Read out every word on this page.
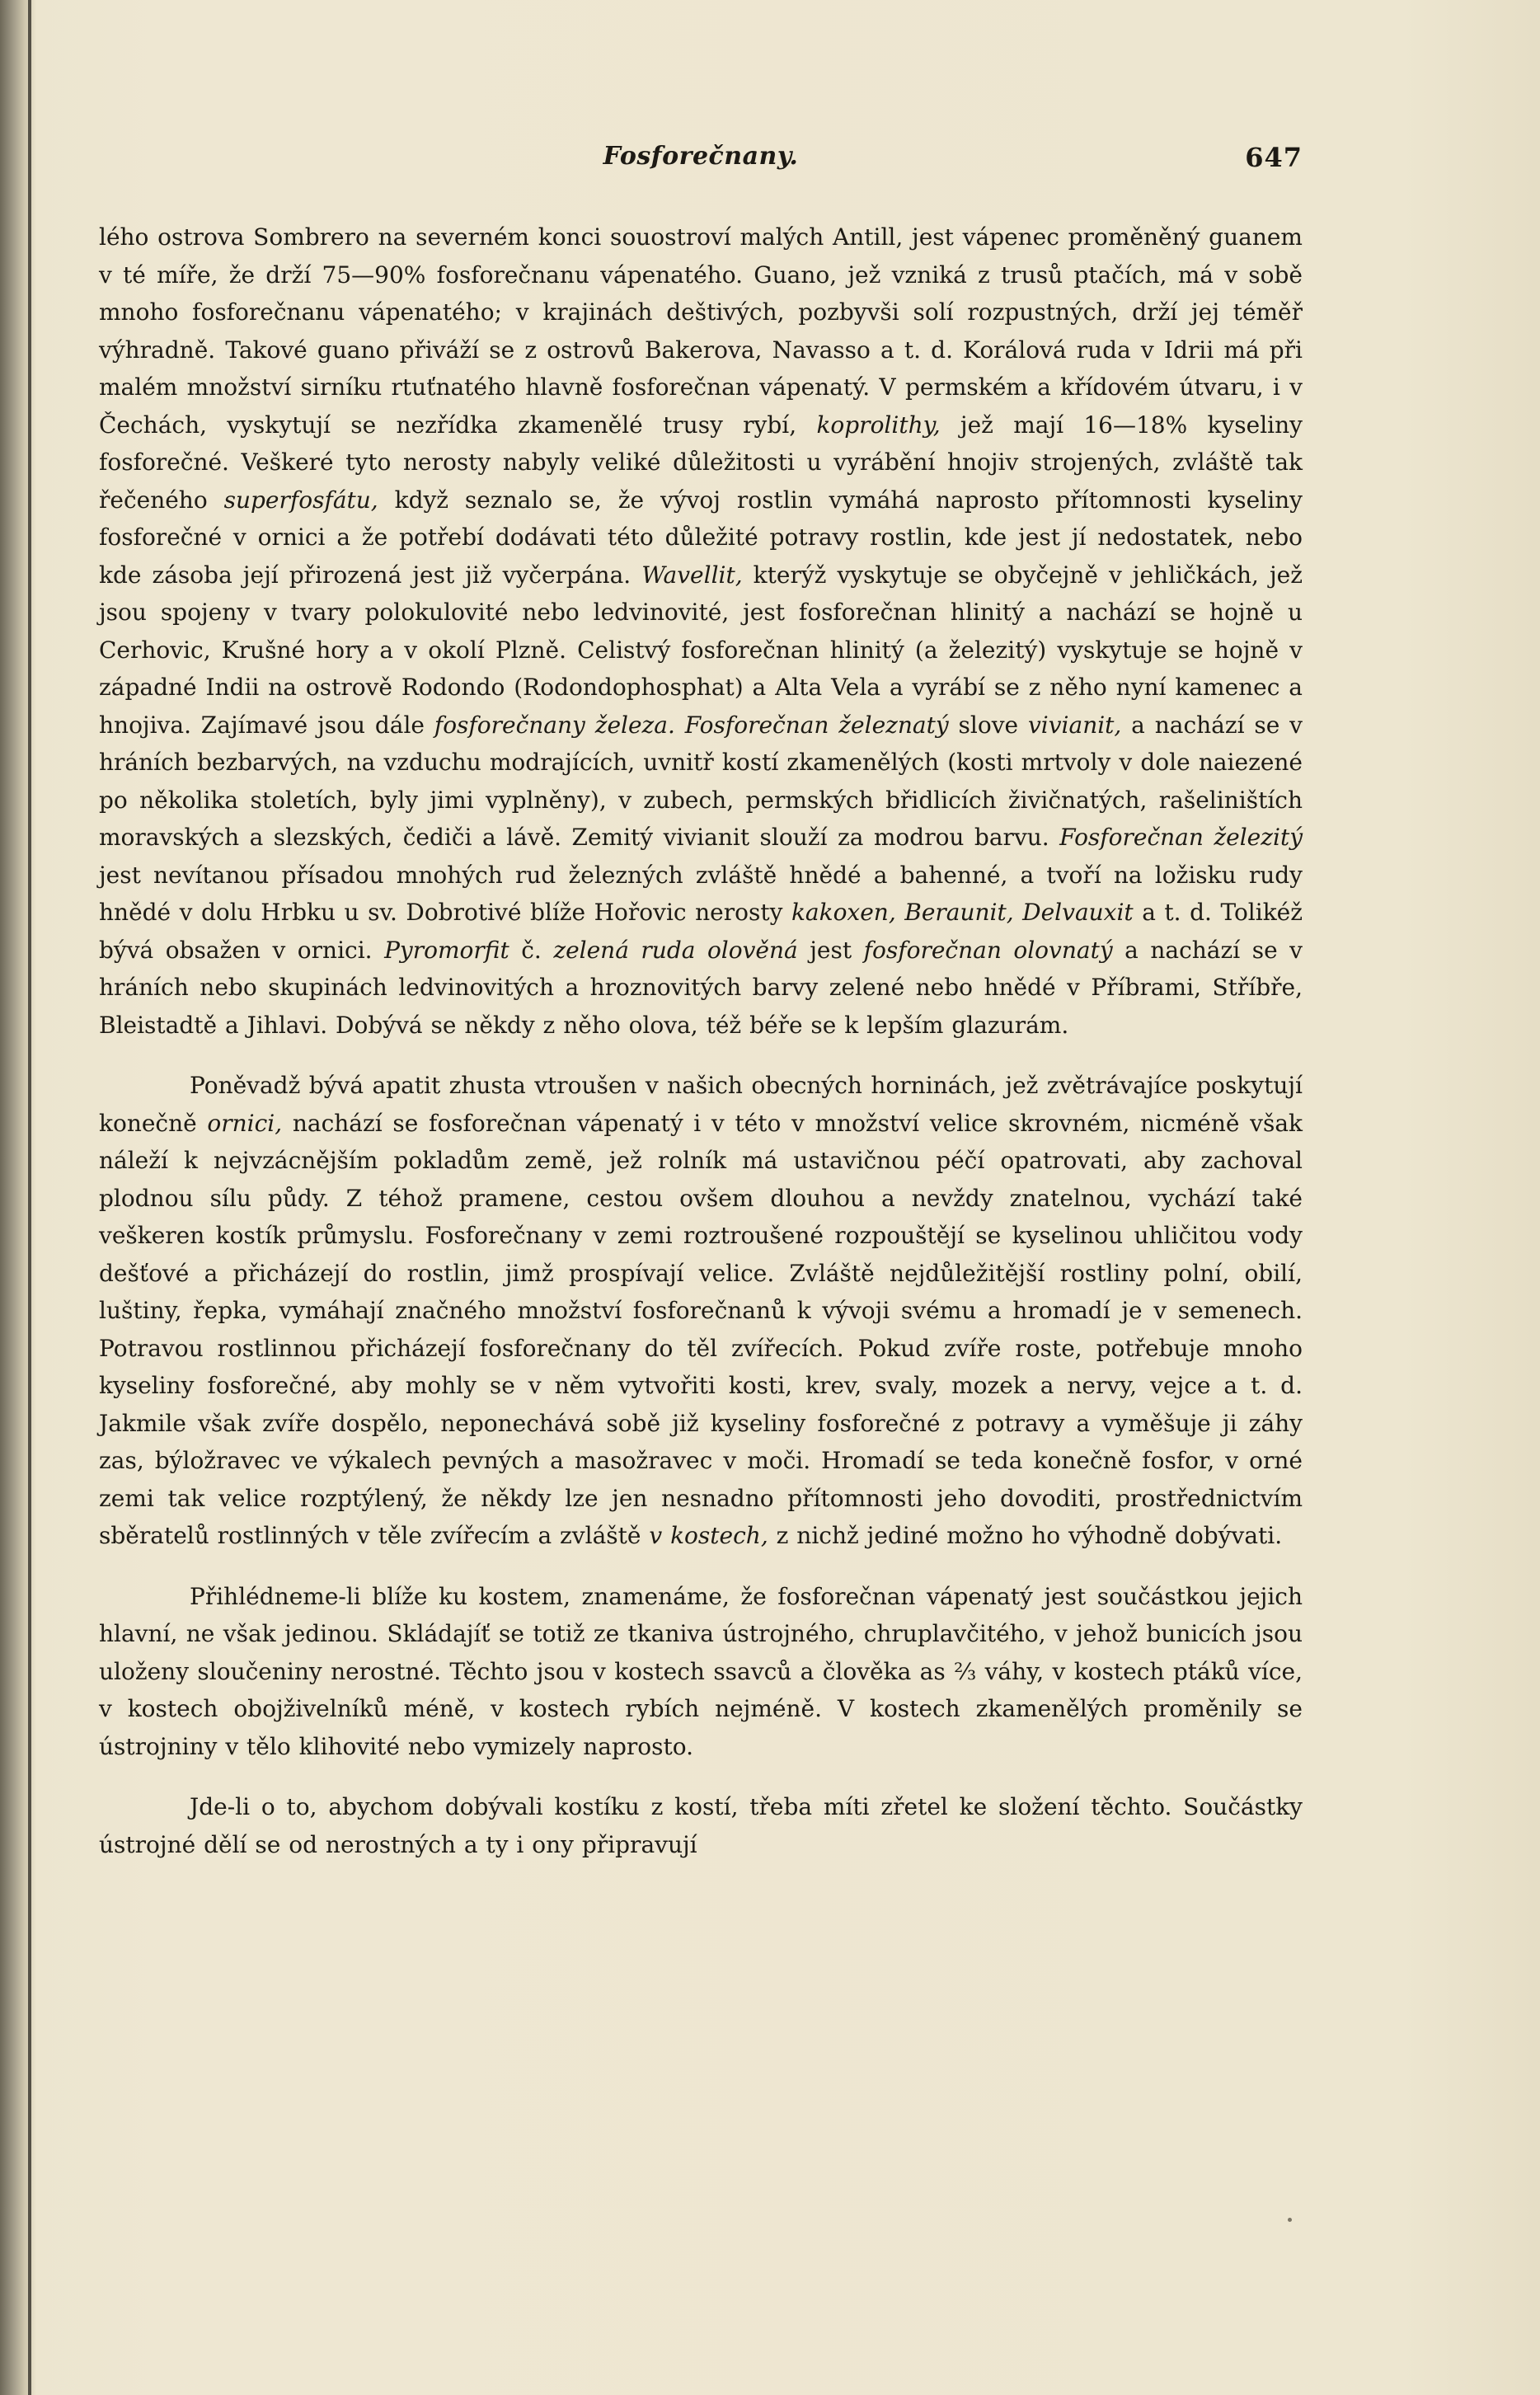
Fosforečnany.	647

lého ostrova Sombrero na severném konci souostroví malých Antill, jest vápenec proměněný guanem v té míře, že drží 75—90% fosforečnanu vápenatého. Guano, jež vzniká z trusů ptačích, má v sobě mnoho fosforečnanu vápenatého; v krajinách deštivých, pozbyvši solí rozpustných, drží jej téměř výhradně. Takové guano přiváží se z ostrovů Bakerova, Navasso a t. d. Korálová ruda v Idrii má při malém množství sirníku rtuťnatého hlavně fosforečnan vápenatý. V permském a křídovém útvaru, i v Čechách, vyskytují se nezřídka zkamenělé trusy rybí, koprolithy, jež mají 16—18% kyseliny fosforečné. Veškeré tyto nerosty nabyly veliké důležitosti u vyrábění hnojiv strojených, zvláště tak řečeného superfosfátu, když seznalo se, že vývoj rostlin vymáhá naprosto přítomnosti kyseliny fosforečné v ornici a že potřebí dodávati této důležité potravy rostlin, kde jest jí nedostatek, nebo kde zásoba její přirozená jest již vyčerpána. Wavellit, kterýž vyskytuje se obyčejně v jehličkách, jež jsou spojeny v tvary polokulovité nebo ledvinovité, jest fosforečnan hlinitý a nachází se hojně u Cerhovic, Krušné hory a v okolí Plzně. Celistvý fosforečnan hlinitý (a železitý) vyskytuje se hojně v západné Indii na ostrově Rodondo (Rodondophosphat) a Alta Vela a vyrábí se z něho nyní kamenec a hnojiva. Zajímavé jsou dále fosforečnany železa. Fosforečnan železnatý slove vivianit, a nachází se v hráních bezbarvých, na vzduchu modrajících, uvnitř kostí zkamenělých (kosti mrtvoly v dole naiezené po několika stoletích, byly jimi vyplněny), v zubech, permských břidlicích živičnatých, rašeliništích moravských a slezských, čediči a lávě. Zemitý vivianit slouží za modrou barvu. Fosforečnan železitý jest nevítanou přísadou mnohých rud železných zvláště hnědé a bahenné, a tvoří na ložisku rudy hnědé v dolu Hrbku u sv. Dobrotivé blíže Hořovic nerosty kakoxen, Beraunit, Delvauxit a t. d. Tolikéž bývá obsažen v ornici. Pyromorfit č. zelená ruda olověná jest fosforečnan olovnatý a nachází se v hráních nebo skupinách ledvinovitých a hroznovitých barvy zelené nebo hnědé v Příbrami, Stříbře, Bleistadtě a Jihlavi. Dobývá se někdy z něho olova, též béře se k lepším glazurám.

Poněvadž bývá apatit zhusta vtroušen v našich obecných horninách, jež zvětrávajíce poskytují konečně ornici, nachází se fosforečnan vápenatý i v této v množství velice skrovném, nicméně však náleží k nejvzácnějším pokladům země, jež rolník má ustavičnou péčí opatrovati, aby zachoval plodnou sílu půdy. Z téhož pramene, cestou ovšem dlouhou a nevždy znatelnou, vychází také veškeren kostík průmyslu. Fosforečnany v zemi roztroušené rozpouštějí se kyselinou uhličitou vody dešťové a přicházejí do rostlin, jimž prospívají velice. Zvláště nejdůležitější rostliny polní, obilí, luštiny, řepka, vymáhají značného množství fosforečnanů k vývoji svému a hromadí je v semenech. Potravou rostlinnou přicházejí fosforečnany do těl zvířecích. Pokud zvíře roste, potřebuje mnoho kyseliny fosforečné, aby mohly se v něm vytvořiti kosti, krev, svaly, mozek a nervy, vejce a t. d. Jakmile však zvíře dospělo, neponechává sobě již kyseliny fosforečné z potravy a vyměšuje ji záhy zas, býložravec ve výkalech pevných a masožravec v moči. Hromadí se teda konečně fosfor, v orné zemi tak velice rozptýlený, že někdy lze jen nesnadno přítomnosti jeho dovoditi, prostřednictvím sběratelů rostlinných v těle zvířecím a zvláště v kostech, z nichž jediné možno ho výhodně dobývati.

Přihlédneme-li blíže ku kostem, znamenáme, že fosforečnan vápenatý jest součástkou jejich hlavní, ne však jedinou. Skládajíť se totiž ze tkaniva ústrojného, chruplavčitého, v jehož bunicích jsou uloženy sloučeniny nerostné. Těchto jsou v kostech ssavců a člověka as ⅔ váhy, v kostech ptáků více, v kostech obojživelníků méně, v kostech rybích nejméně. V kostech zkamenělých proměnily se ústrojniny v tělo klihovité nebo vymizely naprosto.

Jde-li o to, abychom dobývali kostíku z kostí, třeba míti zřetel ke složení těchto. Součástky ústrojné dělí se od nerostných a ty i ony připravují
